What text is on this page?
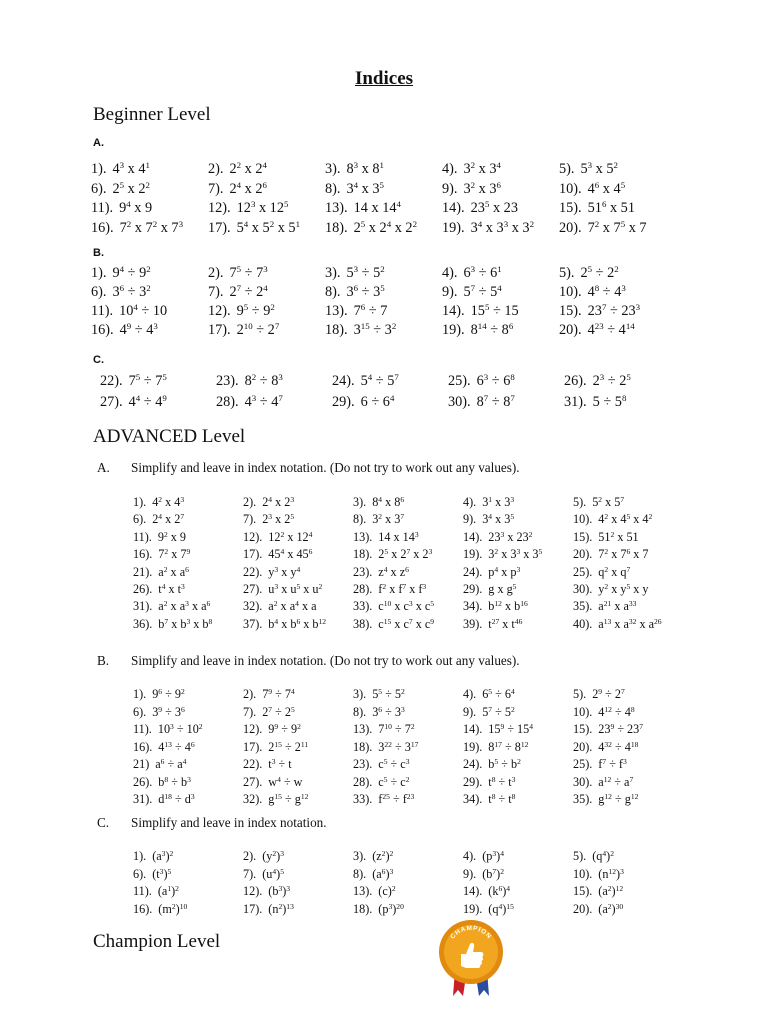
Indices
Beginner Level
A.
1). $4^3$ x $4^1$	2). $2^2$ x $2^4$	3). $8^3$ x $8^1$	4). $3^2$ x $3^4$	5). $5^3$ x $5^2$
6). $2^5$ x $2^2$	7). $2^4$ x $2^6$	8). $3^4$ x $3^5$	9). $3^2$ x $3^6$	10). $4^6$ x $4^5$
11). $9^4$ x 9	12). $12^3$ x $12^5$	13). 14 x $14^4$	14). $23^5$ x 23	15). $51^6$ x 51
16). $7^2$ x $7^2$ x $7^3$	17). $5^4$ x $5^2$ x $5^1$	18). $2^5$ x $2^4$ x $2^2$	19). $3^4$ x $3^3$ x $3^2$	20). $7^2$ x $7^5$ x 7
B.
1). $9^4 \div 9^2$	2). $7^5 \div 7^3$	3). $5^3 \div 5^2$	4). $6^3 \div 6^1$	5). $2^5 \div 2^2$
6). $3^6 \div 3^2$	7). $2^7 \div 2^4$	8). $3^6 \div 3^5$	9). $5^7 \div 5^4$	10). $4^8 \div 4^3$
11). $10^4 \div 10$	12). $9^5 \div 9^2$	13). $7^6 \div 7$	14). $15^5 \div 15$	15). $23^7 \div 23^3$
16). $4^9 \div 4^3$	17). $2^{10} \div 2^7$	18). $3^{15} \div 3^2$	19). $8^{14} \div 8^6$	20). $4^{23} \div 4^{14}$
C.
22). $7^5 \div 7^5$	23). $8^2 \div 8^3$	24). $5^4 \div 5^7$	25). $6^3 \div 6^8$	26). $2^3 \div 2^5$
27). $4^4 \div 4^9$	28). $4^3 \div 4^7$	29). $6 \div 6^4$	30). $8^7 \div 8^7$	31). $5 \div 5^8$
ADVANCED Level
A. Simplify and leave in index notation. (Do not try to work out any values).
1). $4^2$ x $4^3$	2). $2^4$ x $2^3$	3). $8^4$ x $8^6$	4). $3^1$ x $3^3$	5). $5^2$ x $5^7$
6). $2^4$ x $2^7$	7). $2^3$ x $2^5$	8). $3^2$ x $3^7$	9). $3^4$ x $3^5$	10). $4^2$ x $4^5$ x $4^2$
11). $9^2$ x 9	12). $12^2$ x $12^4$	13). 14 x $14^3$	14). $23^3$ x $23^2$	15). $51^2$ x 51
16). $7^2$ x $7^9$	17). $45^4$ x $45^6$	18). $2^5$ x $2^7$ x $2^3$	19). $3^2$ x $3^3$ x $3^5$	20). $7^2$ x $7^6$ x 7
21). $a^2$ x $a^6$	22). $y^3$ x $y^4$	23). $z^4$ x $z^6$	24). $p^4$ x $p^3$	25). $q^2$ x $q^7$
26). $t^4$ x $t^3$	27). $u^3$ x $u^5$ x $u^2$	28). $f^2$ x $f^7$ x $f^3$	29). g x $g^5$	30). $y^2$ x $y^5$ x y
31). $a^2$ x $a^3$ x $a^6$	32). $a^2$ x $a^4$ x a	33). $c^{10}$ x $c^3$ x $c^5$	34). $b^{12}$ x $b^{16}$	35). $a^{21}$ x $a^{33}$
36). $b^7$ x $b^3$ x $b^8$	37). $b^4$ x $b^6$ x $b^{12}$	38). $c^{15}$ x $c^7$ x $c^9$	39). $t^{27}$ x $t^{46}$	40). $a^{13}$ x $a^{32}$ x $a^{26}$
B. Simplify and leave in index notation. (Do not try to work out any values).
1). $9^6 \div 9^2$	2). $7^9 \div 7^4$	3). $5^5 \div 5^2$	4). $6^5 \div 6^4$	5). $2^9 \div 2^7$
6). $3^9 \div 3^6$	7). $2^7 \div 2^5$	8). $3^6 \div 3^3$	9). $5^7 \div 5^2$	10). $4^{12} \div 4^8$
11). $10^3 \div 10^2$	12). $9^9 \div 9^2$	13). $7^{10} \div 7^2$	14). $15^9 \div 15^4$	15). $23^9 \div 23^7$
16). $4^{13} \div 4^6$	17). $2^{15} \div 2^{11}$	18). $3^{22} \div 3^{17}$	19). $8^{17} \div 8^{12}$	20). $4^{32} \div 4^{18}$
21) $a^6 \div a^4$	22). $t^3 \div t$	23). $c^5 \div c^3$	24). $b^5 \div b^2$	25). $f^7 \div f^3$
26). $b^8 \div b^3$	27). $w^4 \div w$	28). $c^5 \div c^2$	29). $t^8 \div t^3$	30). $a^{12} \div a^7$
31). $d^{18} \div d^3$	32). $g^{15} \div g^{12}$	33). $f^{25} \div f^{23}$	34). $t^8 \div t^8$	35). $g^{12} \div g^{12}$
C. Simplify and leave in index notation.
1). $(a^3)^2$	2). $(y^2)^3$	3). $(z^2)^2$	4). $(p^3)^4$	5). $(q^4)^2$
6). $(t^3)^5$	7). $(u^4)^5$	8). $(a^6)^3$	9). $(b^7)^2$	10). $(n^{12})^3$
11). $(a^1)^2$	12). $(b^3)^3$	13). $(c)^2$	14). $(k^6)^4$	15). $(a^2)^{12}$
16). $(m^2)^{10}$	17). $(n^2)^{13}$	18). $(p^3)^{20}$	19). $(q^4)^{15}$	20). $(a^2)^{30}$
Champion Level	CHAMPION
